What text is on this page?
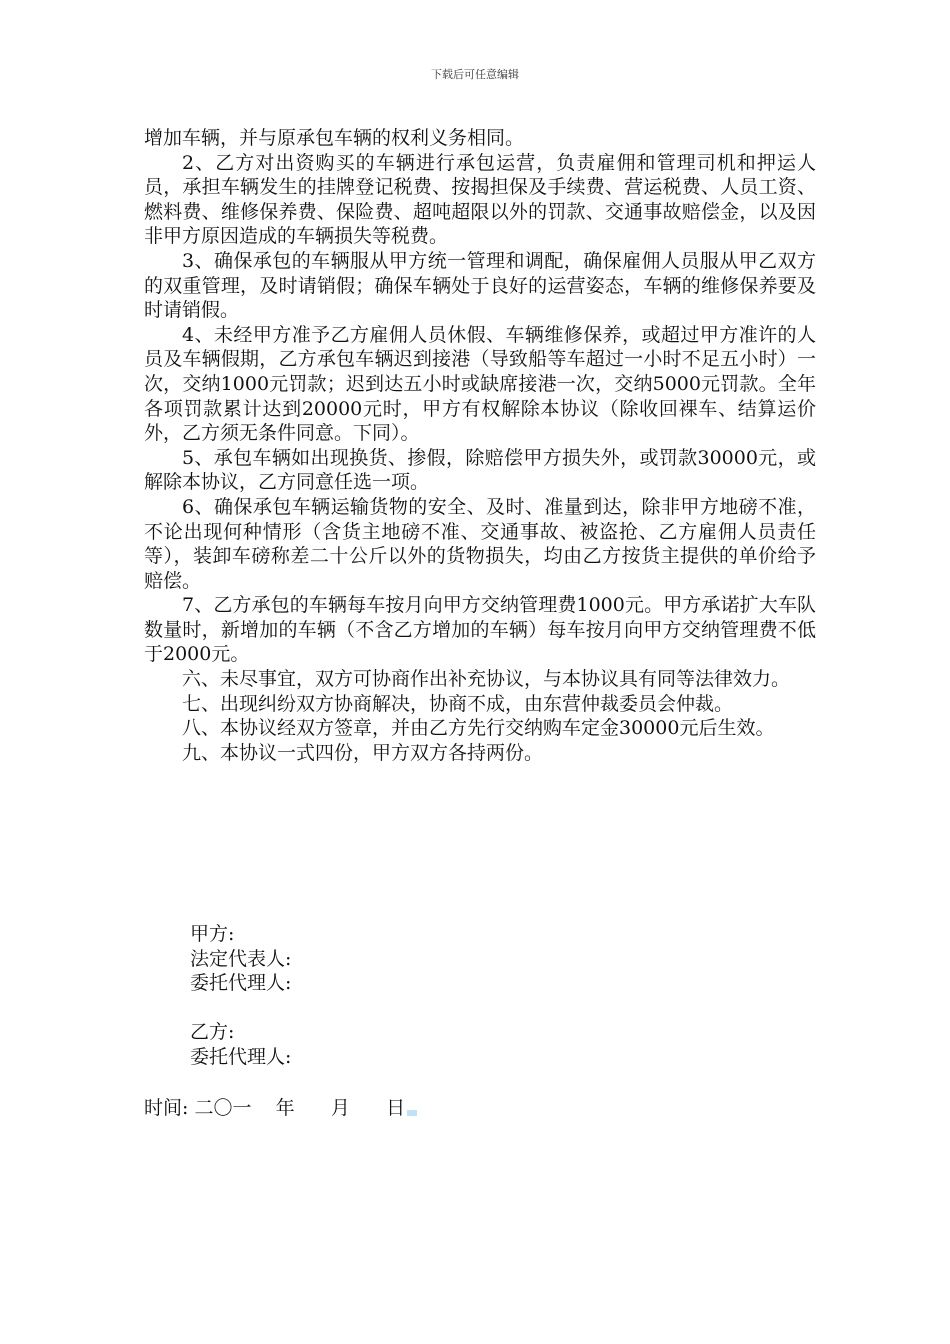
下载后可任意编辑

增加车辆，并与原承包车辆的权利义务相同。

2、乙方对出资购买的车辆进行承包运营，负责雇佣和管理司机和押运人员，承担车辆发生的挂牌登记税费、按揭担保及手续费、营运税费、人员工资、燃料费、维修保养费、保险费、超吨超限以外的罚款、交通事故赔偿金，以及因非甲方原因造成的车辆损失等税费。

3、确保承包的车辆服从甲方统一管理和调配，确保雇佣人员服从甲乙双方的双重管理，及时请销假；确保车辆处于良好的运营姿态，车辆的维修保养要及时请销假。

4、未经甲方准予乙方雇佣人员休假、车辆维修保养，或超过甲方准许的人员及车辆假期，乙方承包车辆迟到接港（导致船等车超过一小时不足五小时）一次，交纳1000元罚款；迟到达五小时或缺席接港一次，交纳5000元罚款。全年各项罚款累计达到20000元时，甲方有权解除本协议（除收回裸车、结算运价外，乙方须无条件同意。下同）。

5、承包车辆如出现换货、掺假，除赔偿甲方损失外，或罚款30000元，或解除本协议，乙方同意任选一项。

6、确保承包车辆运输货物的安全、及时、准量到达，除非甲方地磅不准，不论出现何种情形（含货主地磅不准、交通事故、被盗抢、乙方雇佣人员责任等），装卸车磅称差二十公斤以外的货物损失，均由乙方按货主提供的单价给予赔偿。

7、乙方承包的车辆每车按月向甲方交纳管理费1000元。甲方承诺扩大车队数量时，新增加的车辆（不含乙方增加的车辆）每车按月向甲方交纳管理费不低于2000元。

六、未尽事宜，双方可协商作出补充协议，与本协议具有同等法律效力。

七、出现纠纷双方协商解决，协商不成，由东营仲裁委员会仲裁。

八、本协议经双方签章，并由乙方先行交纳购车定金30000元后生效。

九、本协议一式四份，甲方双方各持两份。

甲方:

法定代表人:

委托代理人:

乙方:

委托代理人:

时间: 二〇一    年      月      日
